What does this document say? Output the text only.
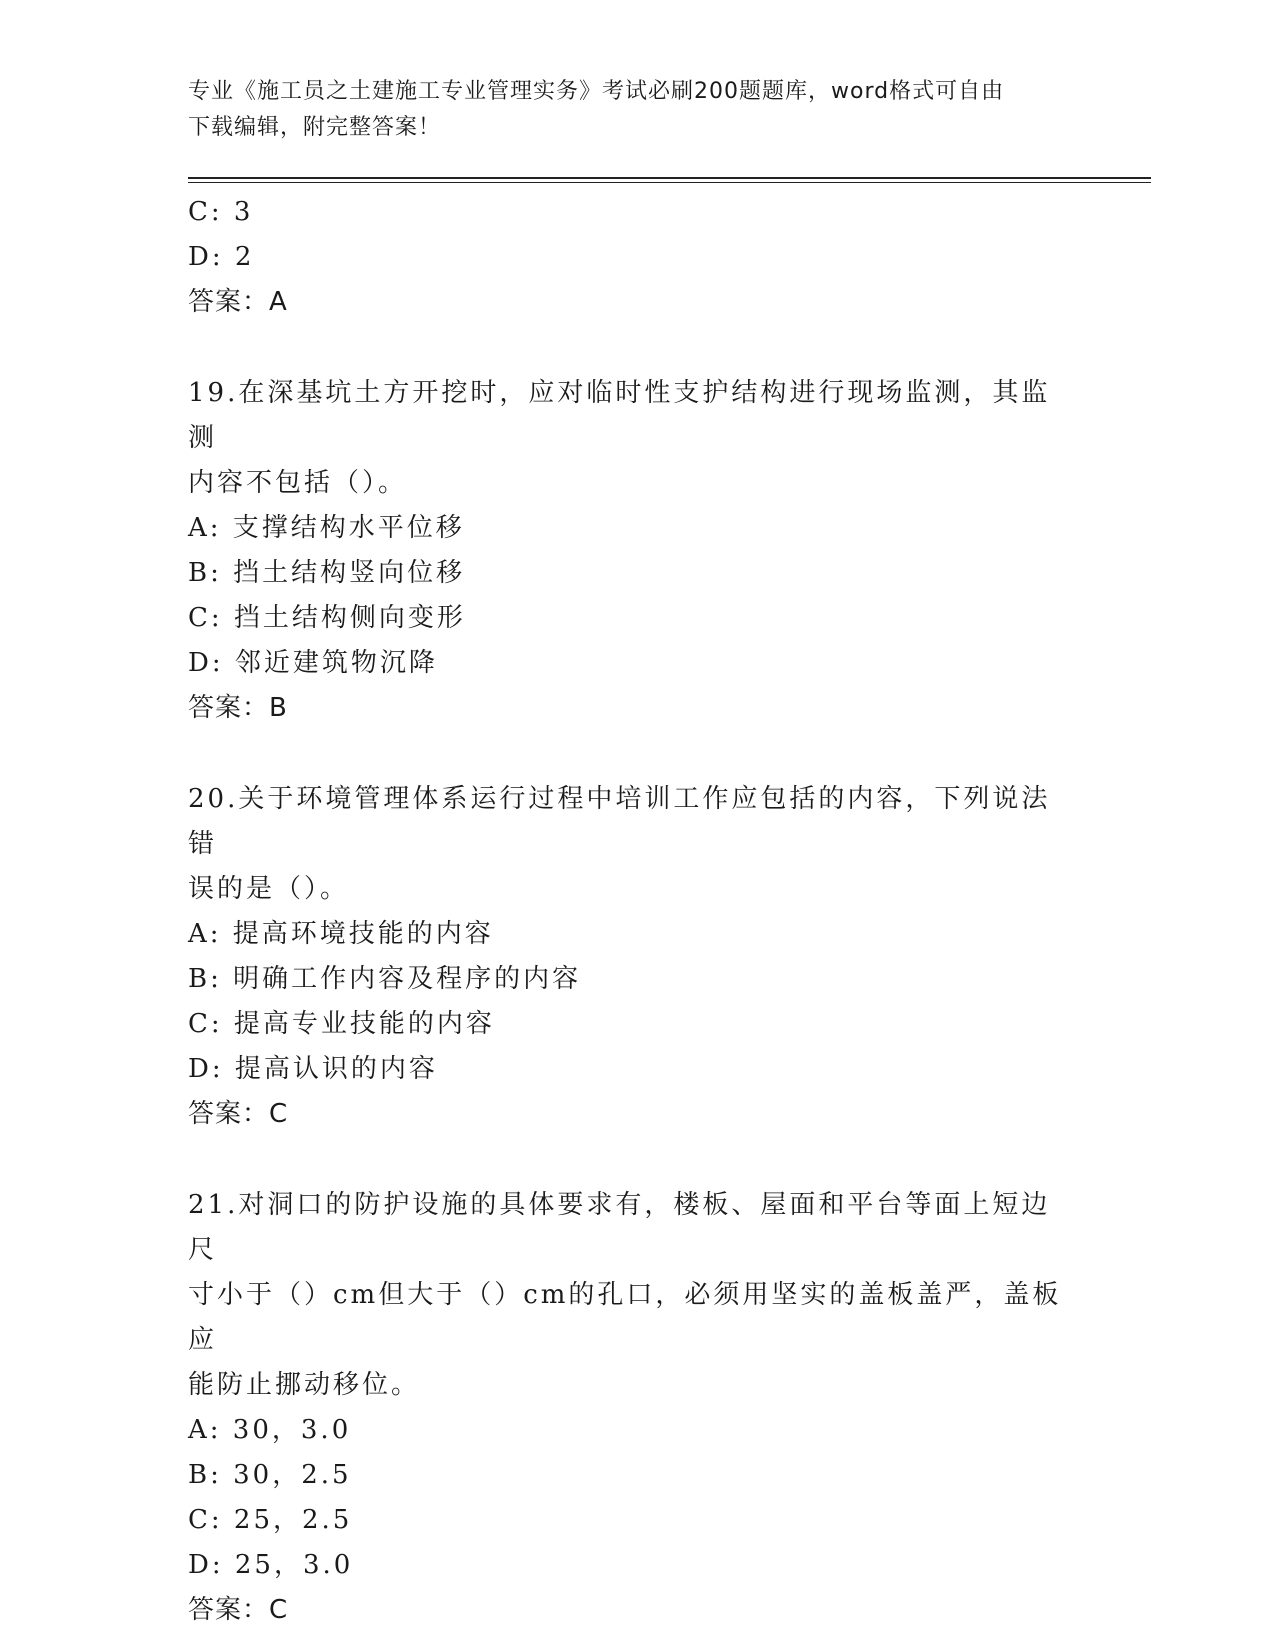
专业《施工员之土建施工专业管理实务》考试必刷200题题库，word格式可自由
下载编辑，附完整答案！
C: 3
D: 2
答案：A
19.在深基坑土方开挖时，应对临时性支护结构进行现场监测，其监测
内容不包括（）。
A: 支撑结构水平位移
B: 挡土结构竖向位移
C: 挡土结构侧向变形
D: 邻近建筑物沉降
答案：B
20.关于环境管理体系运行过程中培训工作应包括的内容，下列说法错
误的是（）。
A: 提高环境技能的内容
B: 明确工作内容及程序的内容
C: 提高专业技能的内容
D: 提高认识的内容
答案：C
21.对洞口的防护设施的具体要求有，楼板、屋面和平台等面上短边尺
寸小于（）cm但大于（）cm的孔口，必须用坚实的盖板盖严，盖板应
能防止挪动移位。
A: 30，3.0
B: 30，2.5
C: 25，2.5
D: 25，3.0
答案：C
